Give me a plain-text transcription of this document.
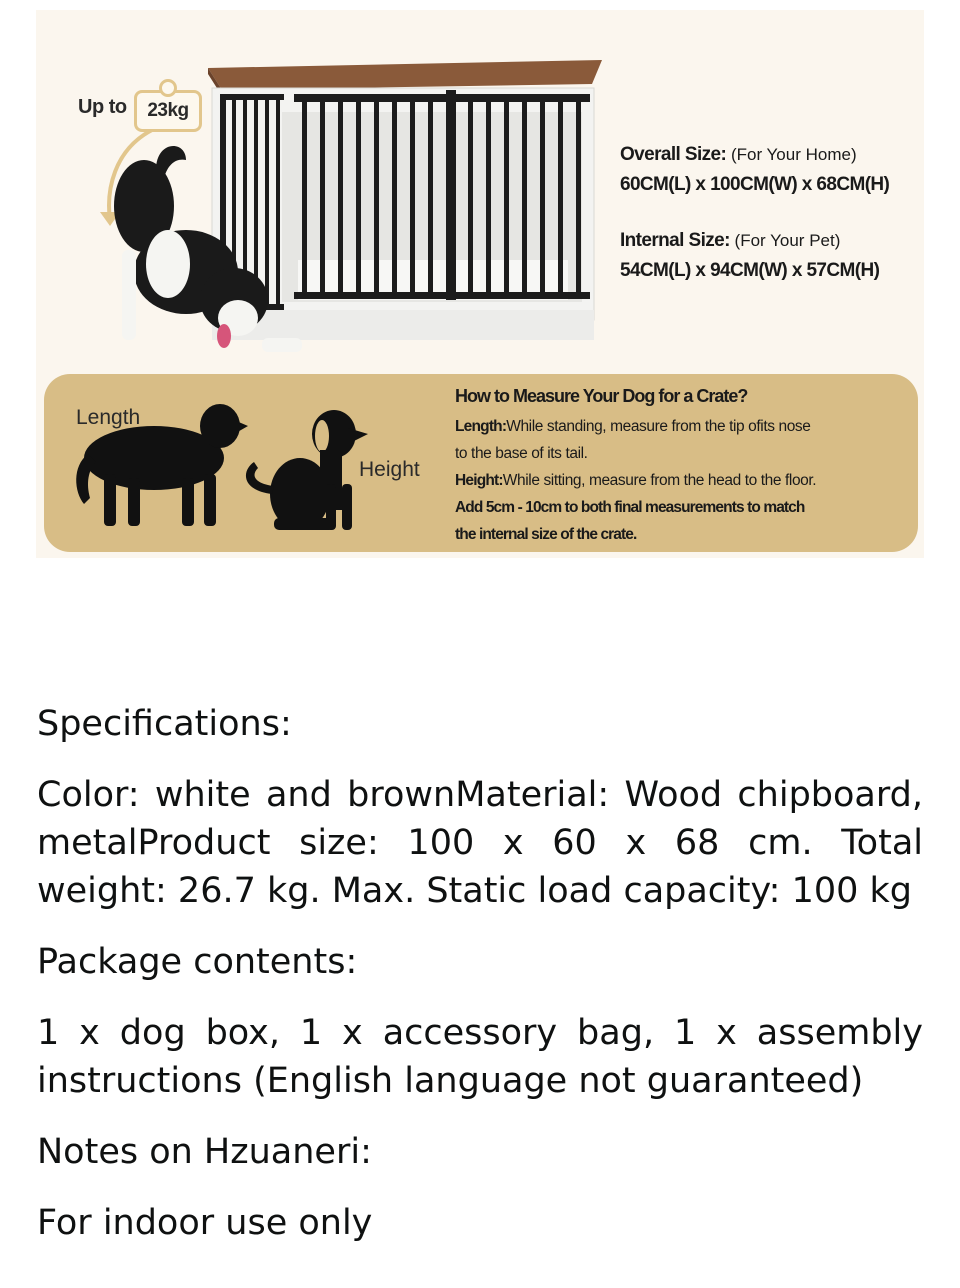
Up to 23kg
Overall Size: (For Your Home)
60CM(L) x 100CM(W) x 68CM(H)
Internal Size: (For Your Pet)
54CM(L) x 94CM(W) x 57CM(H)
Length
Height
How to Measure Your Dog for a Crate?
Length:While standing, measure from the tip ofits nose
to the base of its tail.
Height:While sitting, measure from the head to the floor.
Add 5cm - 10cm to both final measurements to match
the internal size of the crate.

Specifications:

Color: white and brownMaterial: Wood chipboard, metalProduct size: 100 x 60 x 68 cm. Total weight: 26.7 kg. Max. Static load capacity: 100 kg

Package contents:

1 x dog box, 1 x accessory bag, 1 x assembly instructions (English language not guaranteed)

Notes on Hzuaneri:

For indoor use only
